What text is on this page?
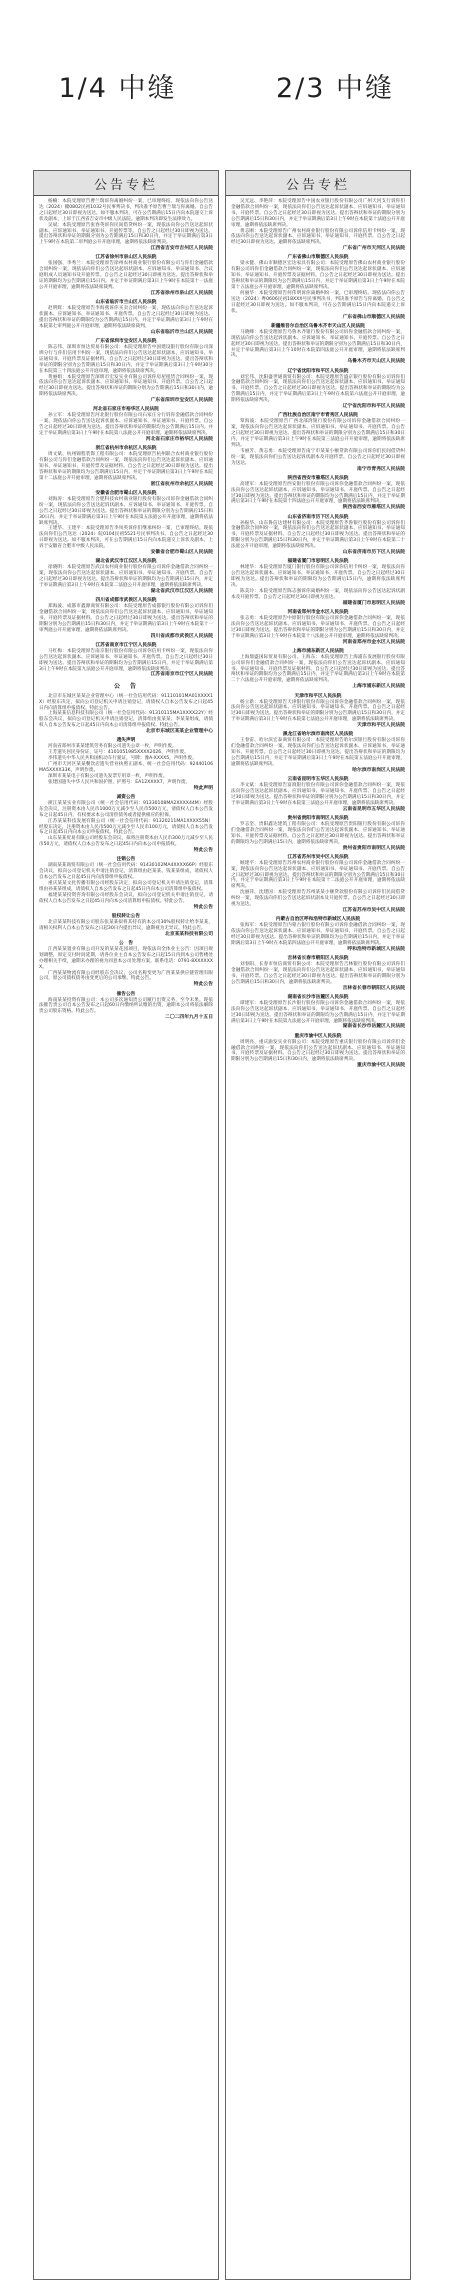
1/4 中缝	2/3 中缝
公告专栏

杨楠：本院受理原告曹兰瑞诉你离婚纠纷一案，已审理终结。现依法向你公告送达（2024）赣0802民初1032号民事判决书，判决准予原告曹兰瑞与你离婚。自公告之日起经过30日即视为送达。如不服本判决，可在公告期满后15日内向本院递交上诉状及副本，上诉于江西省吉安市中级人民法院。逾期本判决即发生法律效力。

吴斌：本院受理原告张春英诉你民间借贷纠纷一案，现依法向你公告送达起诉状副本、应诉通知书、举证通知书、开庭传票等。自公告之日起经过30日即视为送达。提出答辩状和举证的期限分别为公告期满后15日和30日内，并定于举证期满后第3日上午9时在本院第二审判庭公开开庭审理，逾期将依法缺席判决。

江西省吉安市吉州区人民法院

江苏省徐州市泉山区人民法院

张国强、李秀兰：本院受理原告徐州农村商业银行股份有限公司与你们金融借款合同纠纷一案，现依法向你们公告送达起诉状副本、应诉通知书、举证通知书、合议庭组成人员通知书及开庭传票。自公告之日起经过30日即视为送达。提出答辩状和举证的期限均为公告期满后15日内。并定于举证期满后第3日上午9时在本院第十一法庭公开开庭审理，逾期将依法缺席裁判。

江苏省徐州市泉山区人民法院

山东省临沂市兰山区人民法院

赵明辉：本院受理原告李海燕诉你买卖合同纠纷一案，现依法向你公告送达起诉状副本、应诉通知书、举证通知书、开庭传票。自公告之日起经过30日即视为送达。提出答辩状和举证的期限均为公告期满后15日内。并定于举证期满后第3日上午9时在本院第七审判庭公开开庭审理，逾期将依法缺席裁判。

山东省临沂市兰山区人民法院

广东省深圳市宝安区人民法院

陈志伟、深圳市恒达贸易有限公司：本院受理原告中国建设银行股份有限公司深圳分行与你们信用卡纠纷一案，现依法向你们公告送达起诉状副本、应诉通知书、举证通知书、开庭传票及证据材料。自公告之日起经过30日即视为送达。提出答辩状和举证的期限分别为公告期满后15日和30日内，并定于举证期满后第3日上午9时30分在本院第三十四法庭公开开庭审理，逾期将依法缺席判决。

黄丽娟：本院受理原告深圳市宏发实业有限公司诉你房屋租赁合同纠纷一案，现依法向你公告送达起诉状副本、应诉通知书、举证通知书、开庭传票。自公告之日起经过30日即视为送达。提出答辩状和举证的期限分别为公告期满后15日和30日内，逾期将依法缺席判决。

广东省深圳市宝安区人民法院

河北省石家庄市裕华区人民法院

孙立军：本院受理原告河北银行股份有限公司石家庄分行诉你金融借款合同纠纷一案，现依法向你公告送达起诉状副本、应诉通知书、举证通知书、开庭传票。自公告之日起经过30日即视为送达。提出答辩状和举证的期限均为公告期满后15日内。并定于举证期满后第3日上午9时在本院第八法庭公开开庭审理，逾期将依法缺席判决。

河北省石家庄市裕华区人民法院

浙江省杭州市余杭区人民法院

周文斌、杭州锦程装饰工程有限公司：本院受理原告杭州联合农村商业银行股份有限公司与你们金融借款合同纠纷一案，现依法向你们公告送达起诉状副本、应诉通知书、举证通知书、开庭传票及证据材料。自公告之日起经过30日即视为送达。提出答辩状和举证的期限均为公告期满后15日内，并定于举证期满后第3日上午9时在本院第十二法庭公开开庭审理，逾期将依法缺席判决。

浙江省杭州市余杭区人民法院

安徽省合肥市蜀山区人民法院

刘海涛：本院受理原告合肥科技农村商业银行股份有限公司诉你金融借款合同纠纷一案，现依法向你公告送达起诉状副本、应诉通知书、举证通知书、开庭传票。自公告之日起经过30日即视为送达。提出答辩状和举证的期限分别为公告期满后15日和30日内，并定于举证期满后第3日上午9时在本院第五法庭公开开庭审理，逾期将依法缺席判决。

王建华、王建平：本院受理原告李凤英诉你们继承纠纷一案，已审理终结。现依法向你们公告送达（2024）皖0104民初5521号民事判决书。自公告之日起经过30日即视为送达。如不服本判决，可在公告期满后15日内向本院递交上诉状及副本，上诉于安徽省合肥市中级人民法院。

安徽省合肥市蜀山区人民法院

湖北省武汉市江汉区人民法院

徐晓明：本院受理原告武汉农村商业银行股份有限公司诉你金融借款合同纠纷一案，现依法向你公告送达起诉状副本、应诉通知书、举证通知书、开庭传票。自公告之日起经过30日即视为送达。提出答辩状和举证的期限均为公告期满后15日内，并定于举证期满后第3日上午9时在本院第二法庭公开开庭审理，逾期将依法缺席判决。

湖北省武汉市江汉区人民法院

四川省成都市武侯区人民法院

郑海波、成都市鑫源商贸有限公司：本院受理原告成都银行股份有限公司诉你们金融借款合同纠纷一案，现依法向你们公告送达起诉状副本、应诉通知书、举证通知书、开庭传票及证据材料。自公告之日起经过30日即视为送达。提出答辩状和举证的期限分别为公告期满后15日和30日内，并定于举证期满后第3日上午9时在本院第十一审判庭公开开庭审理，逾期将依法缺席判决。

四川省成都市武侯区人民法院

江苏省南京市江宁区人民法院

马红梅：本院受理原告南京银行股份有限公司诉你信用卡纠纷一案，现依法向你公告送达起诉状副本、应诉通知书、举证通知书、开庭传票。自公告之日起经过30日即视为送达。提出答辩状和举证的期限均为公告期满后15日内，并定于举证期满后第3日上午9时在本院第九法庭公开开庭审理，逾期将依法缺席判决。

江苏省南京市江宁区人民法院

公　告

北京市东城区某某企业管理中心（统一社会信用代码：91110101MA01XXXX1X）经股东决定，拟向公司登记机关申请注销登记，请债权人自本公告发布之日起45日内向清算组申报债权。特此公告。

上海某某信息科技有限公司（统一社会信用代码：91310115MA1XXXX22Y）经股东会决议，拟向公司登记机关申请注销登记，清算组由张某某、李某某组成，请债权人自本公告发布之日起45日内向本公司清算组申报债权。特此公告。

北京市东城区某某企业管理中心

遗失声明

河南省郑州市某某建筑劳务有限公司遗失公章一枚，声明作废。

王芳遗失居民身份证，证号：4101051985XXXX2026，声明作废。

李伟遗失中华人民共和国机动车行驶证，号牌：豫A·XXXX5，声明作废。

广州市天河区某某餐饮店遗失营业执照正副本，统一社会信用代码：92440106MA5XXXX33K，声明作废。

深圳市某某电子有限公司遗失发票专用章一枚，声明作废。

张建国遗失中华人民共和国护照，护照号：EA12XXXX7，声明作废。

特此声明

减资公告

浙江某某实业有限公司（统一社会信用代码：91330108MA2XXXX44M）经股东会决议，注册资本由人民币1000万元减少至人民币500万元，请债权人自本公告发布之日起45日内，有权要求本公司清偿债务或者提供相应的担保。

江苏某某科技发展有限公司（统一社会信用代码：91320211MA1XXXX55N）经股东决定，注册资本由人民币500万元减少至人民币100万元，请债权人自本公告发布之日起45日内向本公司申报债权。特此公告。

山东某某贸易有限公司经股东会决议，拟将注册资本由人民币300万元减少至人民币50万元，请债权人自本公告发布之日起45日内向本公司申报债权。

特此公告

注销公告

湖南某某商贸有限公司（统一社会信用代码：91430102MA4XXXX66P）经股东会决议，拟向公司登记机关申请注销登记，清算组由赵某某、钱某某组成，请债权人自本公告发布之日起45日内向清算组申报债权。

重庆某某文化传播有限公司经股东决定，拟向公司登记机关申请注销登记，清算组由孙某某组成，请债权人自本公告发布之日起45日内向本公司清算组申报债权。

福建某某投资咨询有限公司经股东会决议，拟向公司登记机关申请注销登记，请债权人自本公告发布之日起45日内向本公司清算组申报债权。特此公告。

特此公告

股权转让公告

北京某某科技有限公司股东张某某拟将其持有的本公司30%股权转让给李某某，请相关权利人自本公告发布之日起30日内提出异议，逾期视为无异议。特此公告。

北京某某科技有限公司

公　告

江西某某置业有限公司开发的某某花园项目，现依法向全体业主公告：因项目规划调整，原定交付时间延期，请各位业主自本公告发布之日起15日内到本公司售楼处办理相关手续，逾期未办理的视为同意本公司处理方案。联系电话：0791-8XXXXXXX。

广西某某物流有限公司经股东会决议，公司名称变更为广西某某供应链管理有限公司，原公司债权债务由变更后的公司承继。特此公告。

特此公告

催告公告

海南某某投资有限公司：本公司多次通知贵公司履行出资义务，至今未果。现依法催告贵公司自本公告发布之日起60日内缴纳所认缴的出资，逾期本公司将依法解除贵公司股东资格。特此公告。

二〇二四年九月十五日

公告专栏

吴光远、李艳萍：本院受理原告中国农业银行股份有限公司广州天河支行诉你们金融借款合同纠纷一案，现依法向你们公告送达起诉状副本、应诉通知书、举证通知书、开庭传票。自公告之日起经过30日即视为送达。提出答辩状和举证的期限分别为公告期满后15日和30日内，并定于举证期满后第3日上午9时在本院第十法庭公开开庭审理，逾期将依法缺席判决。

黄志刚：本院受理原告广州农村商业银行股份有限公司诉你信用卡纠纷一案，现依法向你公告送达起诉状副本、应诉通知书、举证通知书、开庭传票。自公告之日起经过30日即视为送达。逾期将依法缺席判决。

广东省广州市天河区人民法院

广东省佛山市顺德区人民法院

梁永健、佛山市顺德区宏达家具有限公司：本院受理原告佛山农村商业银行股份有限公司诉你们金融借款合同纠纷一案，现依法向你们公告送达起诉状副本、应诉通知书、举证通知书、开庭传票及证据材料。自公告之日起经过30日即视为送达。提出答辩状和举证的期限均为公告期满后15日内，并定于举证期满后第3日上午9时在本院第十五法庭公开开庭审理，逾期将依法缺席判决。

何丽华：本院受理原告何伟明诉你离婚纠纷一案，已审理终结。现依法向你公告送达（2024）粤0606民初18XXX号民事判决书，判决准予原告与你离婚。自公告之日起经过30日即视为送达。如不服本判决，可在公告期满后15日内向本院递交上诉状。

广东省佛山市顺德区人民法院

新疆维吾尔自治区乌鲁木齐市天山区人民法院

马晓峰：本院受理原告乌鲁木齐银行股份有限公司诉你金融借款合同纠纷一案，现依法向你公告送达起诉状副本、应诉通知书、举证通知书、开庭传票。自公告之日起经过30日即视为送达。提出答辩状和举证的期限分别为公告期满后15日和30日内，并定于举证期满后第3日上午10时在本院第四法庭公开开庭审理，逾期将依法缺席判决。

乌鲁木齐市天山区人民法院

辽宁省沈阳市和平区人民法院

刘宏伟、沈阳盛世通商贸有限公司：本院受理原告盛京银行股份有限公司诉你们金融借款合同纠纷一案，现依法向你们公告送达起诉状副本、应诉通知书、举证通知书、开庭传票。自公告之日起经过30日即视为送达。提出答辩状和举证的期限均为公告期满后15日内，并定于举证期满后第3日上午9时在本院第六法庭公开开庭审理，逾期将依法缺席判决。

辽宁省沈阳市和平区人民法院

广西壮族自治区南宁市青秀区人民法院

覃海波：本院受理原告广西北部湾银行股份有限公司诉你金融借款合同纠纷一案，现依法向你公告送达起诉状副本、应诉通知书、举证通知书、开庭传票。自公告之日起经过30日即视为送达。提出答辩状和举证的期限分别为公告期满后15日和30日内，并定于举证期满后第3日上午9时在本院第三法庭公开开庭审理，逾期将依法缺席判决。

韦丽芳、黄志勇：本院受理原告南宁市某某小额贷款有限公司诉你们民间借贷纠纷一案，现依法向你们公告送达起诉状副本及开庭传票。自公告之日起经过30日即视为送达。

南宁市青秀区人民法院

陕西省西安市雁塔区人民法院

高建军：本院受理原告西安银行股份有限公司诉你金融借款合同纠纷一案，现依法向你公告送达起诉状副本、应诉通知书、举证通知书、开庭传票。自公告之日起经过30日即视为送达。提出答辩状和举证的期限均为公告期满后15日内，并定于举证期满后第3日上午9时在本院第十四法庭公开开庭审理，逾期将依法缺席判决。

陕西省西安市雁塔区人民法院

山东省济南市历下区人民法院

孙振华、山东鲁信达建材有限公司：本院受理原告齐鲁银行股份有限公司诉你们金融借款合同纠纷一案，现依法向你们公告送达起诉状副本、应诉通知书、举证通知书、开庭传票及证据材料。自公告之日起经过30日即视为送达。提出答辩状和举证的期限分别为公告期满后15日和30日内，并定于举证期满后第3日上午9时在本院第二十法庭公开开庭审理，逾期将依法缺席判决。

山东省济南市历下区人民法院

福建省厦门市思明区人民法院

林建华：本院受理原告厦门银行股份有限公司诉你信用卡纠纷一案，现依法向你公告送达起诉状副本、应诉通知书、举证通知书、开庭传票。自公告之日起经过30日即视为送达。提出答辩状和举证的期限均为公告期满后15日内，逾期将依法缺席判决。

陈美玲：本院受理原告陈志强诉你离婚纠纷一案，现依法向你公告送达起诉状副本及开庭传票。自公告之日起经过30日即视为送达。

福建省厦门市思明区人民法院

河南省郑州市金水区人民法院

张志勇：本院受理原告中原银行股份有限公司诉你金融借款合同纠纷一案，现依法向你公告送达起诉状副本、应诉通知书、举证通知书、开庭传票。自公告之日起经过30日即视为送达。提出答辩状和举证的期限分别为公告期满后15日和30日内，并定于举证期满后第3日上午9时在本院第十八法庭公开开庭审理，逾期将依法缺席判决。

河南省郑州市金水区人民法院

上海市浦东新区人民法院

上海鼎盛国际贸易有限公司、王海东：本院受理原告上海浦东发展银行股份有限公司诉你们金融借款合同纠纷一案，现依法向你们公告送达起诉状副本、应诉通知书、举证通知书、开庭传票及证据材料。自公告之日起经过30日即视为送达。提出答辩状和举证的期限均为公告期满后15日内，并定于举证期满后第3日上午9时在本院第二十六法庭公开开庭审理，逾期将依法缺席判决。

上海市浦东新区人民法院

天津市和平区人民法院

杨立新：本院受理原告天津银行股份有限公司诉你金融借款合同纠纷一案，现依法向你公告送达起诉状副本、应诉通知书、举证通知书、开庭传票。自公告之日起经过30日即视为送达。提出答辩状和举证的期限分别为公告期满后15日和30日内，并定于举证期满后第3日上午9时在本院第七法庭公开开庭审理，逾期将依法缺席判决。

天津市和平区人民法院

黑龙江省哈尔滨市南岗区人民法院

王春雷、哈尔滨宏泰商贸有限公司：本院受理原告哈尔滨银行股份有限公司诉你们金融借款合同纠纷一案，现依法向你们公告送达起诉状副本、应诉通知书、举证通知书、开庭传票。自公告之日起经过30日即视为送达。提出答辩状和举证的期限均为公告期满后15日内，并定于举证期满后第3日上午9时在本院第五法庭公开开庭审理，逾期将依法缺席判决。

哈尔滨市南岗区人民法院

云南省昆明市五华区人民法院

李文斌：本院受理原告富滇银行股份有限公司诉你金融借款合同纠纷一案，现依法向你公告送达起诉状副本、应诉通知书、举证通知书、开庭传票。自公告之日起经过30日即视为送达。提出答辩状和举证的期限分别为公告期满后15日和30日内，并定于举证期满后第3日上午9时在本院第三法庭公开开庭审理，逾期将依法缺席判决。

云南省昆明市五华区人民法院

贵州省贵阳市南明区人民法院

罗志坚、贵阳鑫达建筑工程有限公司：本院受理原告贵阳银行股份有限公司诉你们金融借款合同纠纷一案，现依法向你们公告送达起诉状副本、应诉通知书、举证通知书、开庭传票及证据材料。自公告之日起经过30日即视为送达。提出答辩状和举证的期限均为公告期满后15日内，逾期将依法缺席判决。

贵州省贵阳市南明区人民法院

江苏省苏州市吴中区人民法院

顾建平：本院受理原告苏州农村商业银行股份有限公司诉你金融借款合同纠纷一案，现依法向你公告送达起诉状副本、应诉通知书、举证通知书、开庭传票。自公告之日起经过30日即视为送达。提出答辩状和举证的期限分别为公告期满后15日和30日内，并定于举证期满后第3日上午9时在本院第十二法庭公开开庭审理，逾期将依法缺席判决。

沈丽萍、沈建国：本院受理原告苏州某某小额贷款股份有限公司诉你们民间借贷纠纷一案，现依法向你们公告送达起诉状副本及开庭传票。自公告之日起经过30日即视为送达。

江苏省苏州市吴中区人民法院

内蒙古自治区呼和浩特市新城区人民法院

张海军：本院受理原告内蒙古银行股份有限公司诉你金融借款合同纠纷一案，现依法向你公告送达起诉状副本、应诉通知书、举证通知书、开庭传票。自公告之日起经过30日即视为送达。提出答辩状和举证的期限均为公告期满后15日内，并定于举证期满后第3日上午9时在本院第四法庭公开开庭审理，逾期将依法缺席判决。

呼和浩特市新城区人民法院

吉林省长春市朝阳区人民法院

刘春阳、长春市恒信商贸有限公司：本院受理原告吉林银行股份有限公司诉你们金融借款合同纠纷一案，现依法向你们公告送达起诉状副本、应诉通知书、举证通知书、开庭传票。自公告之日起经过30日即视为送达。提出答辩状和举证的期限分别为公告期满后15日和30日内，逾期将依法缺席判决。

吉林省长春市朝阳区人民法院

湖南省长沙市岳麓区人民法院

谭建军：本院受理原告长沙银行股份有限公司诉你金融借款合同纠纷一案，现依法向你公告送达起诉状副本、应诉通知书、举证通知书、开庭传票。自公告之日起经过30日即视为送达。提出答辩状和举证的期限均为公告期满后15日内，并定于举证期满后第3日上午9时在本院第九法庭公开开庭审理，逾期将依法缺席判决。

湖南省长沙市岳麓区人民法院

重庆市渝中区人民法院

周明亮、重庆渝发实业有限公司：本院受理原告重庆银行股份有限公司诉你们金融借款合同纠纷一案，现依法向你们公告送达起诉状副本、应诉通知书、举证通知书、开庭传票及证据材料。自公告之日起经过30日即视为送达。提出答辩状和举证的期限分别为公告期满后15日和30日内，逾期将依法缺席判决。

重庆市渝中区人民法院
